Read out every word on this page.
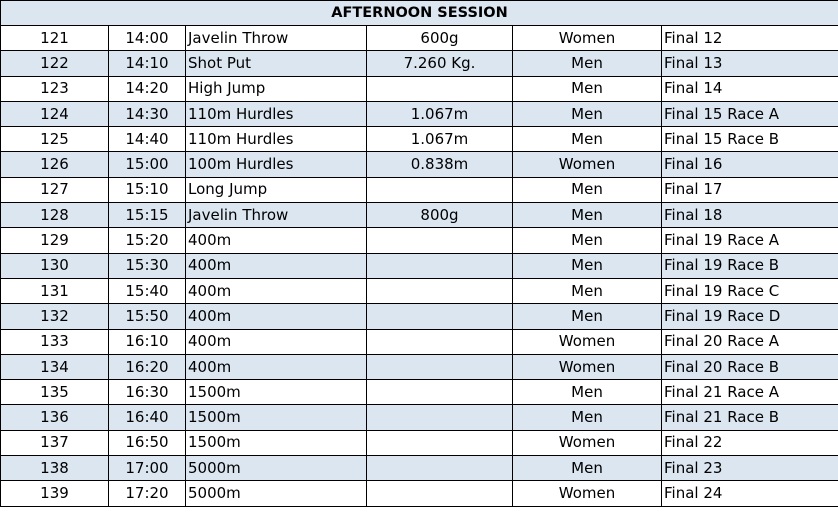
AFTERNOON SESSION					
121	14:00	Javelin Throw	600g	Women	Final 12
122	14:10	Shot Put	7.260 Kg.	Men	Final 13
123	14:20	High Jump		Men	Final 14
124	14:30	110m Hurdles	1.067m	Men	Final 15 Race A
125	14:40	110m Hurdles	1.067m	Men	Final 15 Race B
126	15:00	100m Hurdles	0.838m	Women	Final 16
127	15:10	Long Jump		Men	Final 17
128	15:15	Javelin Throw	800g	Men	Final 18
129	15:20	400m		Men	Final 19 Race A
130	15:30	400m		Men	Final 19 Race B
131	15:40	400m		Men	Final 19 Race C
132	15:50	400m		Men	Final 19 Race D
133	16:10	400m		Women	Final 20 Race A
134	16:20	400m		Women	Final 20 Race B
135	16:30	1500m		Men	Final 21 Race A
136	16:40	1500m		Men	Final 21 Race B
137	16:50	1500m		Women	Final 22
138	17:00	5000m		Men	Final 23
139	17:20	5000m		Women	Final 24
